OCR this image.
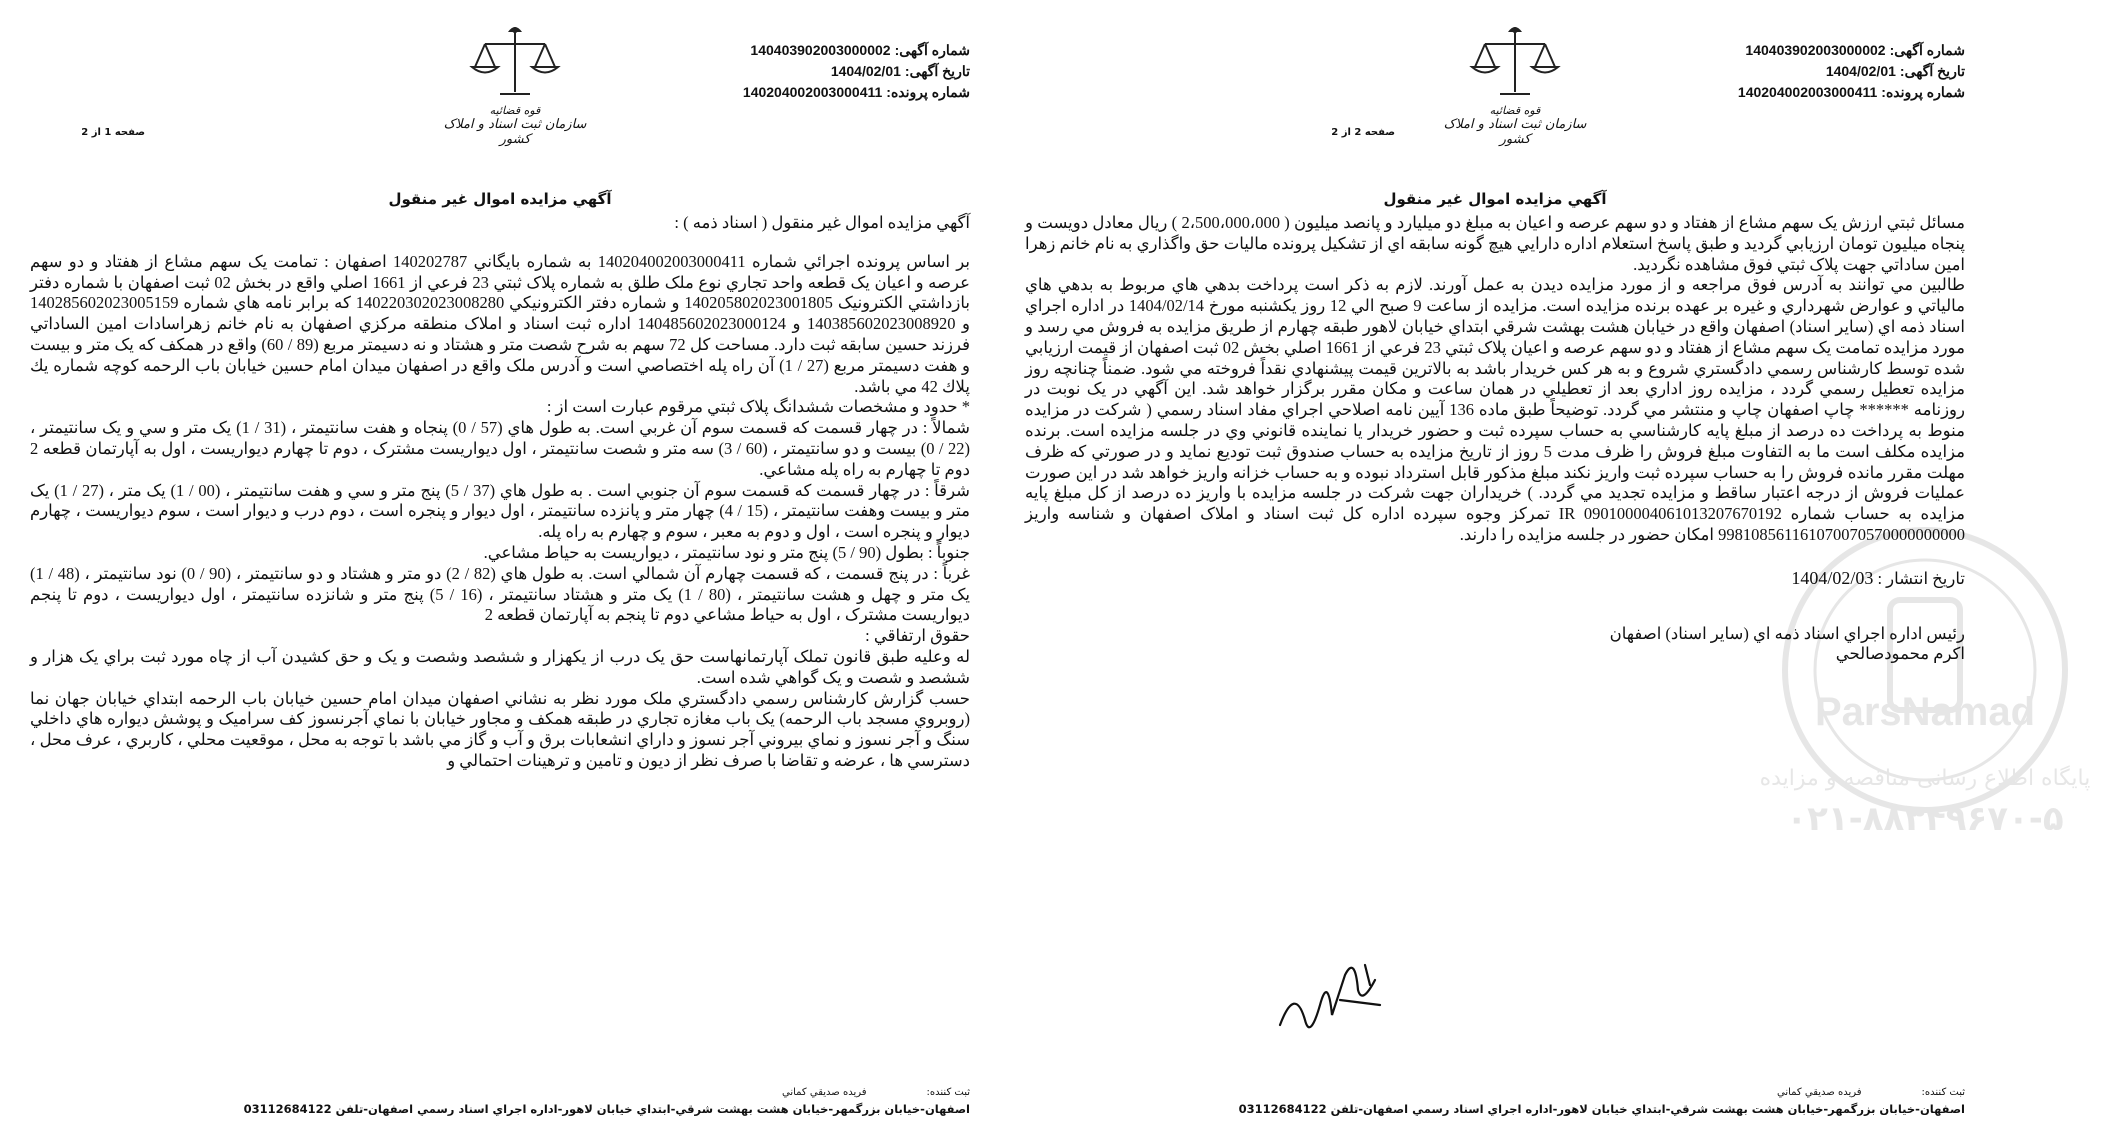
شماره آگهی:
140403902003000002
تاریخ آگهی:
1404/02/01
شماره پرونده:
140204002003000411
قوه قضائیه
سازمان ثبت اسناد و املاک کشور
صفحه 2 از 2
آگهي مزايده اموال غير منقول
ParsNamad
پایگاه اطلاع رسانی مناقصه و مزایده
۰۲۱-۸۸۳۴۹۶۷۰-۵

مسائل ثبتي ارزش يک سهم مشاع از هفتاد و دو سهم عرصه و اعيان به مبلغ دو ميليارد و پانصد ميليون ( 2،500،000،000 ) ريال معادل دويست و پنجاه ميليون تومان ارزيابي گرديد و طبق پاسخ استعلام اداره دارايي هيچ گونه سابقه اي از تشکيل پرونده ماليات حق واگذاري به نام خانم زهرا امين ساداتي جهت پلاک ثبتي فوق مشاهده نگرديد.

طالبين مي توانند به آدرس فوق مراجعه و از مورد مزايده ديدن به عمل آورند. لازم به ذکر است پرداخت بدهي هاي مربوط به بدهي هاي مالياتي و عوارض شهرداري و غيره بر عهده برنده مزايده است. مزايده از ساعت 9 صبح الي 12 روز يکشنبه مورخ 1404/02/14 در اداره اجراي اسناد ذمه اي (ساير اسناد) اصفهان واقع در خيابان هشت بهشت شرقي ابتداي خيابان لاهور طبقه چهارم از طريق مزايده به فروش مي رسد و مورد مزايده تمامت يک سهم مشاع از هفتاد و دو سهم عرصه و اعيان پلاک ثبتي 23 فرعي از 1661 اصلي بخش 02 ثبت اصفهان از قيمت ارزيابي شده توسط کارشناس رسمي دادگستري شروع و به هر کس خريدار باشد به بالاترين قيمت پيشنهادي نقداً فروخته مي شود. ضمناً چنانچه روز مزايده تعطيل رسمي گردد ، مزايده روز اداري بعد از تعطيلي در همان ساعت و مکان مقرر برگزار خواهد شد. اين آگهي در يک نوبت در روزنامه ****** چاپ اصفهان چاپ و منتشر مي گردد. توضيحاً طبق ماده 136 آيين نامه اصلاحي اجراي مفاد اسناد رسمي ( شرکت در مزايده منوط به پرداخت ده درصد از مبلغ پايه کارشناسي به حساب سپرده ثبت و حضور خريدار يا نماينده قانوني وي در جلسه مزايده است. برنده مزايده مکلف است ما به التفاوت مبلغ فروش را ظرف مدت 5 روز از تاريخ مزايده به حساب صندوق ثبت توديع نمايد و در صورتي كه ظرف مهلت مقرر مانده فروش را به حساب سپرده ثبت واريز نکند مبلغ مذکور قابل استرداد نبوده و به حساب خزانه واريز خواهد شد در اين صورت عمليات فروش از درجه اعتبار ساقط و مزايده تجديد مي گردد. ) خريداران جهت شرکت در جلسه مزايده با واريز ده درصد از کل مبلغ پايه مزايده به حساب شماره IR 090100004061013207670192 تمرکز وجوه سپرده اداره کل ثبت اسناد و املاک اصفهان و شناسه واريز 998108561161070070570000000000 امکان حضور در جلسه مزايده را دارند.

تاريخ انتشار : 1404/02/03

رئيس اداره اجراي اسناد ذمه اي (ساير اسناد) اصفهان

اكرم محمودصالحي

ثبت کننده:
فريده صديقي کماني
اصفهان-خيابان بزرگمهر-خيابان هشت بهشت شرقي-ابتداي خيابان لاهور-اداره اجراي اسناد رسمي اصفهان-تلفن 03112684122
شماره آگهی:
140403902003000002
تاریخ آگهی:
1404/02/01
شماره پرونده:
140204002003000411
قوه قضائیه
سازمان ثبت اسناد و املاک کشور
صفحه 1 از 2
آگهي مزايده اموال غير منقول

آگهي مزايده اموال غير منقول ( اسناد ذمه ) :

بر اساس پرونده اجرائي شماره 140204002003000411 به شماره بايگاني 140202787 اصفهان : تمامت يک سهم مشاع از هفتاد و دو سهم عرصه و اعيان يک قطعه واحد تجاري نوع ملک طلق به شماره پلاک ثبتي 23 فرعي از 1661 اصلي واقع در بخش 02 ثبت اصفهان با شماره دفتر بازداشتي الکترونيک 140205802023001805 و شماره دفتر الکترونيکي 140220302023008280 که برابر نامه هاي شماره 140285602023005159 و 140385602023008920 و 140485602023000124 اداره ثبت اسناد و املاک منطقه مرکزي اصفهان به نام خانم زهراسادات امين الساداتي فرزند حسين سابقه ثبت دارد. مساحت کل 72 سهم به شرح شصت متر و هشتاد و نه دسيمتر مربع (89 / 60) واقع در همکف که يک متر و بيست و هفت دسيمتر مربع (27 / 1) آن راه پله اختصاصي است و آدرس ملک واقع در اصفهان ميدان امام حسين خيابان باب الرحمه کوچه شماره يك پلاك 42 مي باشد.

* حدود و مشخصات ششدانگ پلاک ثبتي مرقوم عبارت است از :

شمالاً : در چهار قسمت که قسمت سوم آن غربي است. به طول هاي (57 / 0) پنجاه و هفت سانتيمتر ، (31 / 1) يک متر و سي و يک سانتيمتر ، (22 / 0) بيست و دو سانتيمتر ، (60 / 3) سه متر و شصت سانتيمتر ، اول ديواريست مشترک ، دوم تا چهارم ديواريست ، اول به آپارتمان قطعه 2 دوم تا چهارم به راه پله مشاعي.

شرقاً : در چهار قسمت که قسمت سوم آن جنوبي است . به طول هاي (37 / 5) پنج متر و سي و هفت سانتيمتر ، (00 / 1) يک متر ، (27 / 1) يک متر و بيست وهفت سانتيمتر ، (15 / 4) چهار متر و پانزده سانتيمتر ، اول ديوار و پنجره است ، دوم درب و ديوار است ، سوم ديواريست ، چهارم ديوار و پنجره است ، اول و دوم به معبر ، سوم و چهارم به راه پله.

جنوباً : بطول (90 / 5) پنج متر و نود سانتيمتر ، ديواريست به حياط مشاعي.

غرباً : در پنج قسمت ، که قسمت چهارم آن شمالي است. به طول هاي (82 / 2) دو متر و هشتاد و دو سانتيمتر ، (90 / 0) نود سانتيمتر ، (48 / 1) يک متر و چهل و هشت سانتيمتر ، (80 / 1) يک متر و هشتاد سانتيمتر ، (16 / 5) پنج متر و شانزده سانتيمتر ، اول ديواريست ، دوم تا پنجم ديواريست مشترک ، اول به حياط مشاعي دوم تا پنجم به آپارتمان قطعه 2

حقوق ارتفاقي :

له وعليه طبق قانون تملک آپارتمانهاست حق يک درب از يکهزار و ششصد وشصت و يک و حق کشيدن آب از چاه مورد ثبت براي يک هزار و ششصد و شصت و يک گواهي شده است.

حسب گزارش کارشناس رسمي دادگستري ملک مورد نظر به نشاني اصفهان ميدان امام حسين خيابان باب الرحمه ابتداي خيابان جهان نما (روبروي مسجد باب الرحمه) يک باب مغازه تجاري در طبقه همکف و مجاور خيابان با نماي آجرنسوز کف سراميک و پوشش ديواره هاي داخلي سنگ و آجر نسوز و نماي بيروني آجر نسوز و داراي انشعابات برق و آب و گاز مي باشد با توجه به محل ، موقعيت محلي ، کاربري ، عرف محل ، دسترسي ها ، عرضه و تقاضا با صرف نظر از ديون و تامين و ترهينات احتمالي و

ثبت کننده:
فريده صديقي کماني
اصفهان-خيابان بزرگمهر-خيابان هشت بهشت شرقي-ابتداي خيابان لاهور-اداره اجراي اسناد رسمي اصفهان-تلفن 03112684122
